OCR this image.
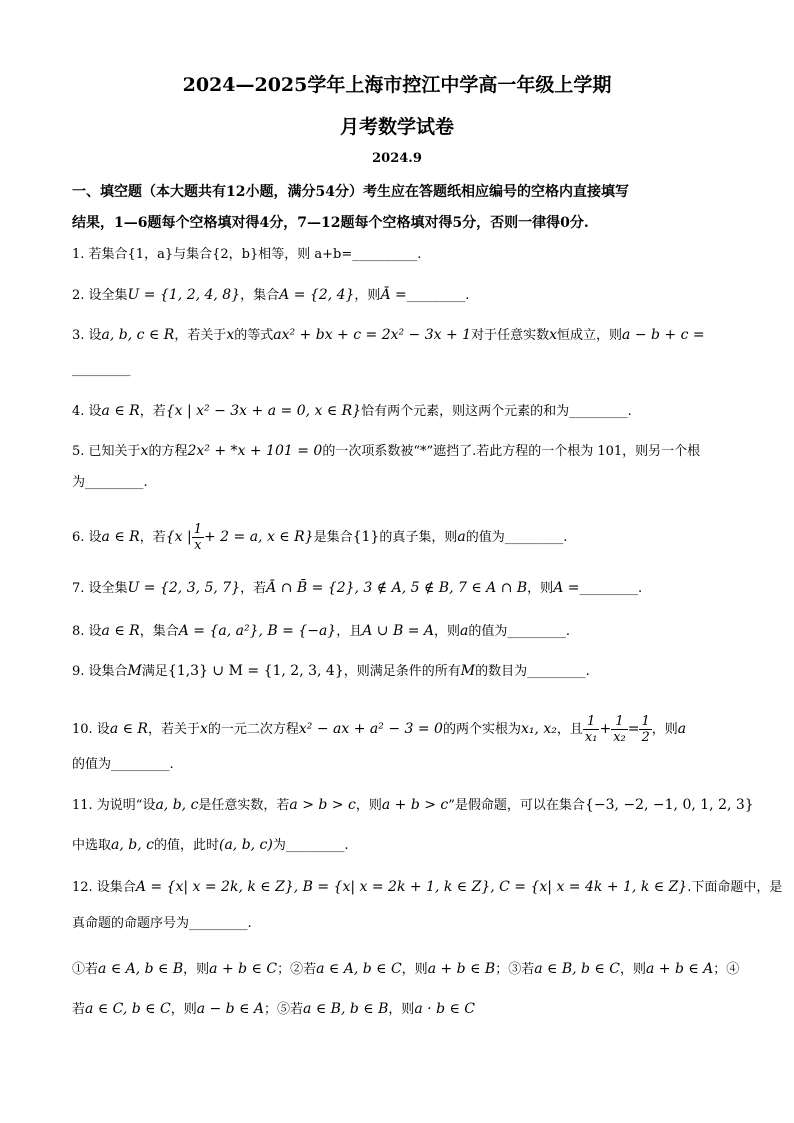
2024—2025学年上海市控江中学高一年级上学期
月考数学试卷
2024.9
一、填空题（本大题共有12小题，满分54分）考生应在答题纸相应编号的空格内直接填写
结果，1—6题每个空格填对得4分，7—12题每个空格填对得5分，否则一律得0分.
1. 若集合{1，a}与集合{2，b}相等，则 a+b=__________.
2. 设全集U = {1, 2, 4, 8}，集合A = {2, 4}，则Ā =_________.
3. 设a, b, c ∈ R，若关于x的等式ax² + bx + c = 2x² − 3x + 1对于任意实数x恒成立，则a − b + c =
_________
4. 设a ∈ R，若{x | x² − 3x + a = 0, x ∈ R}恰有两个元素，则这两个元素的和为_________.
5. 已知关于x的方程2x² + *x + 101 = 0的一次项系数被“*”遮挡了.若此方程的一个根为 101，则另一个根
为_________.
6. 设a ∈ R，若{x | $\frac{1}{x} + 2 = a$, x ∈ R}是集合{1}的真子集，则a的值为_________.
7. 设全集U = {2, 3, 5, 7}，若Ā ∩ B̄ = {2}, 3 ∉ A, 5 ∉ B, 7 ∈ A ∩ B，则A =_________.
8. 设a ∈ R，集合A = {a, a²}, B = {−a}，且A ∪ B = A，则a的值为_________.
9. 设集合M满足{1,3} ∪ M = {1, 2, 3, 4}，则满足条件的所有M的数目为_________.
10. 设a ∈ R，若关于x的一元二次方程x² − ax + a² − 3 = 0的两个实根为x₁, x₂，且 $\frac{1}{\text{x₁}} + \frac{1}{\text{x₂}} = \frac{1}{2}$ ，则a
的值为_________.
11. 为说明“设a, b, c是任意实数，若a > b > c，则a + b > c”是假命题，可以在集合{−3, −2, −1, 0, 1, 2, 3}
中选取a, b, c的值，此时(a, b, c)为_________.
12. 设集合A = {x| x = 2k, k ∈ Z}, B = {x| x = 2k + 1, k ∈ Z}, C = {x| x = 4k + 1, k ∈ Z}.下面命题中，是
真命题的命题序号为_________.
①若a ∈ A, b ∈ B，则a + b ∈ C；②若a ∈ A, b ∈ C，则a + b ∈ B；③若a ∈ B, b ∈ C，则a + b ∈ A；④
若a ∈ C, b ∈ C，则a − b ∈ A；⑤若a ∈ B, b ∈ B，则a · b ∈ C
